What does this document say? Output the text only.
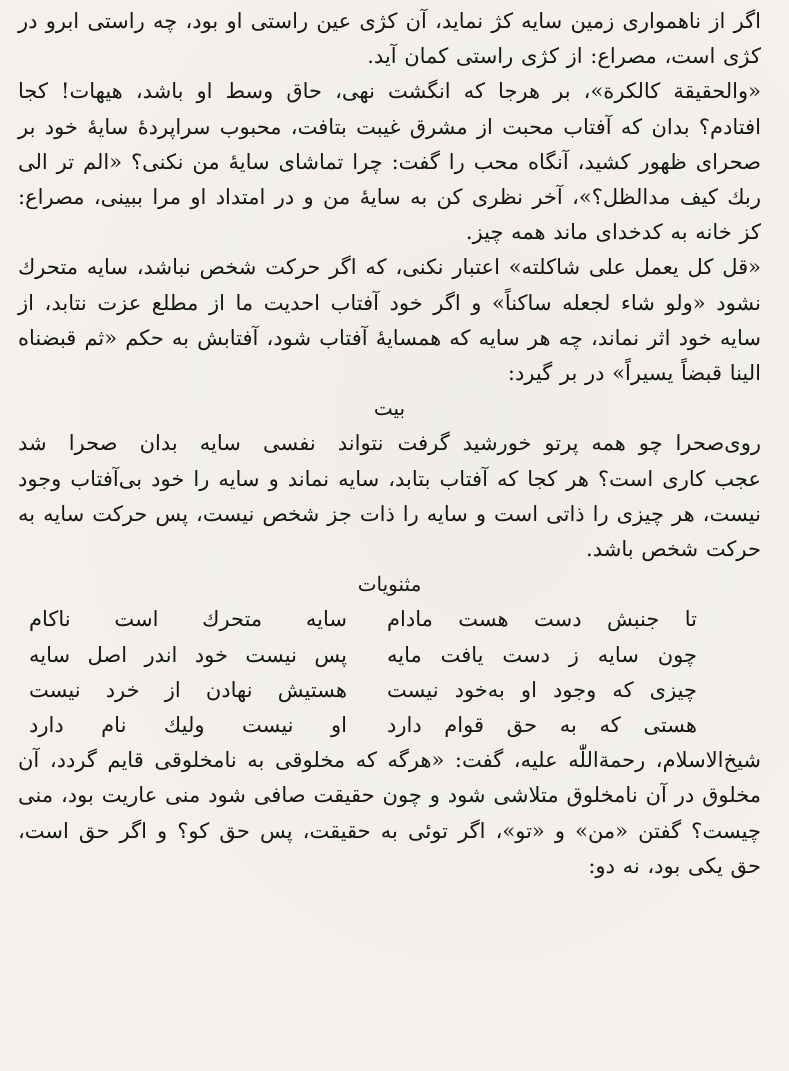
اگر از ناهمواری زمین سایه کژ نماید، آن کژی عین راستی او بود، چه راستی ابرو در کژی است، مصراع: از کژی راستی کمان آید.

«والحقیقة کالکرة»، بر هرجا که انگشت نهی، حاق وسط او باشد، هیهات! کجا افتادم؟ بدان که آفتاب محبت از مشرق غیبت بتافت، محبوب سراپردهٔ سایهٔ خود بر صحرای ظهور کشید، آنگاه محب را گفت: چرا تماشای سایهٔ من نکنی؟ «الم تر الی ربك کیف مدالظل؟»، آخر نظری کن به سایهٔ من و در امتداد او مرا ببینی، مصراع: کز خانه به کدخدای ماند همه چیز.

«قل کل یعمل علی شاکلته» اعتبار نکنی، که اگر حرکت شخص نباشد، سایه متحرك نشود «ولو شاء لجعله ساکناً» و اگر خود آفتاب احدیت ما از مطلع عزت نتابد، از سایه خود اثر نماند، چه هر سایه که همسایهٔ آفتاب شود، آفتابش به حکم «ثم قبضناه الینا قبضاً یسیراً» در بر گیرد:

بیت

روی‌صحرا چو همه پرتو خورشید گرفت
نتواند نفسی سایه بدان صحرا شد

عجب کاری است؟ هر کجا که آفتاب بتابد، سایه نماند و سایه را خود بی‌آفتاب وجود نیست، هر چیزی را ذاتی است و سایه را ذات جز شخص نیست، پس حرکت سایه به حرکت شخص باشد.

مثنویات

تا جنبش دست هست مادام
سایه متحرك است ناکام
چون سایه ز دست یافت مایه
پس نیست خود اندر اصل سایه
چیزی که وجود او به‌خود نیست
هستیش نهادن از خرد نیست
هستی که به حق قوام دارد
او نیست ولیك نام دارد

شیخ‌الاسلام، رحمةاللّٰه علیه، گفت: «هرگه که مخلوقی به نامخلوقی قایم گردد، آن مخلوق در آن نامخلوق متلاشی شود و چون حقیقت صافی شود منی عاریت بود، منی چیست؟ گفتن «من» و «تو»، اگر توئی به حقیقت، پس حق کو؟ و اگر حق است، حق یکی بود، نه دو:
